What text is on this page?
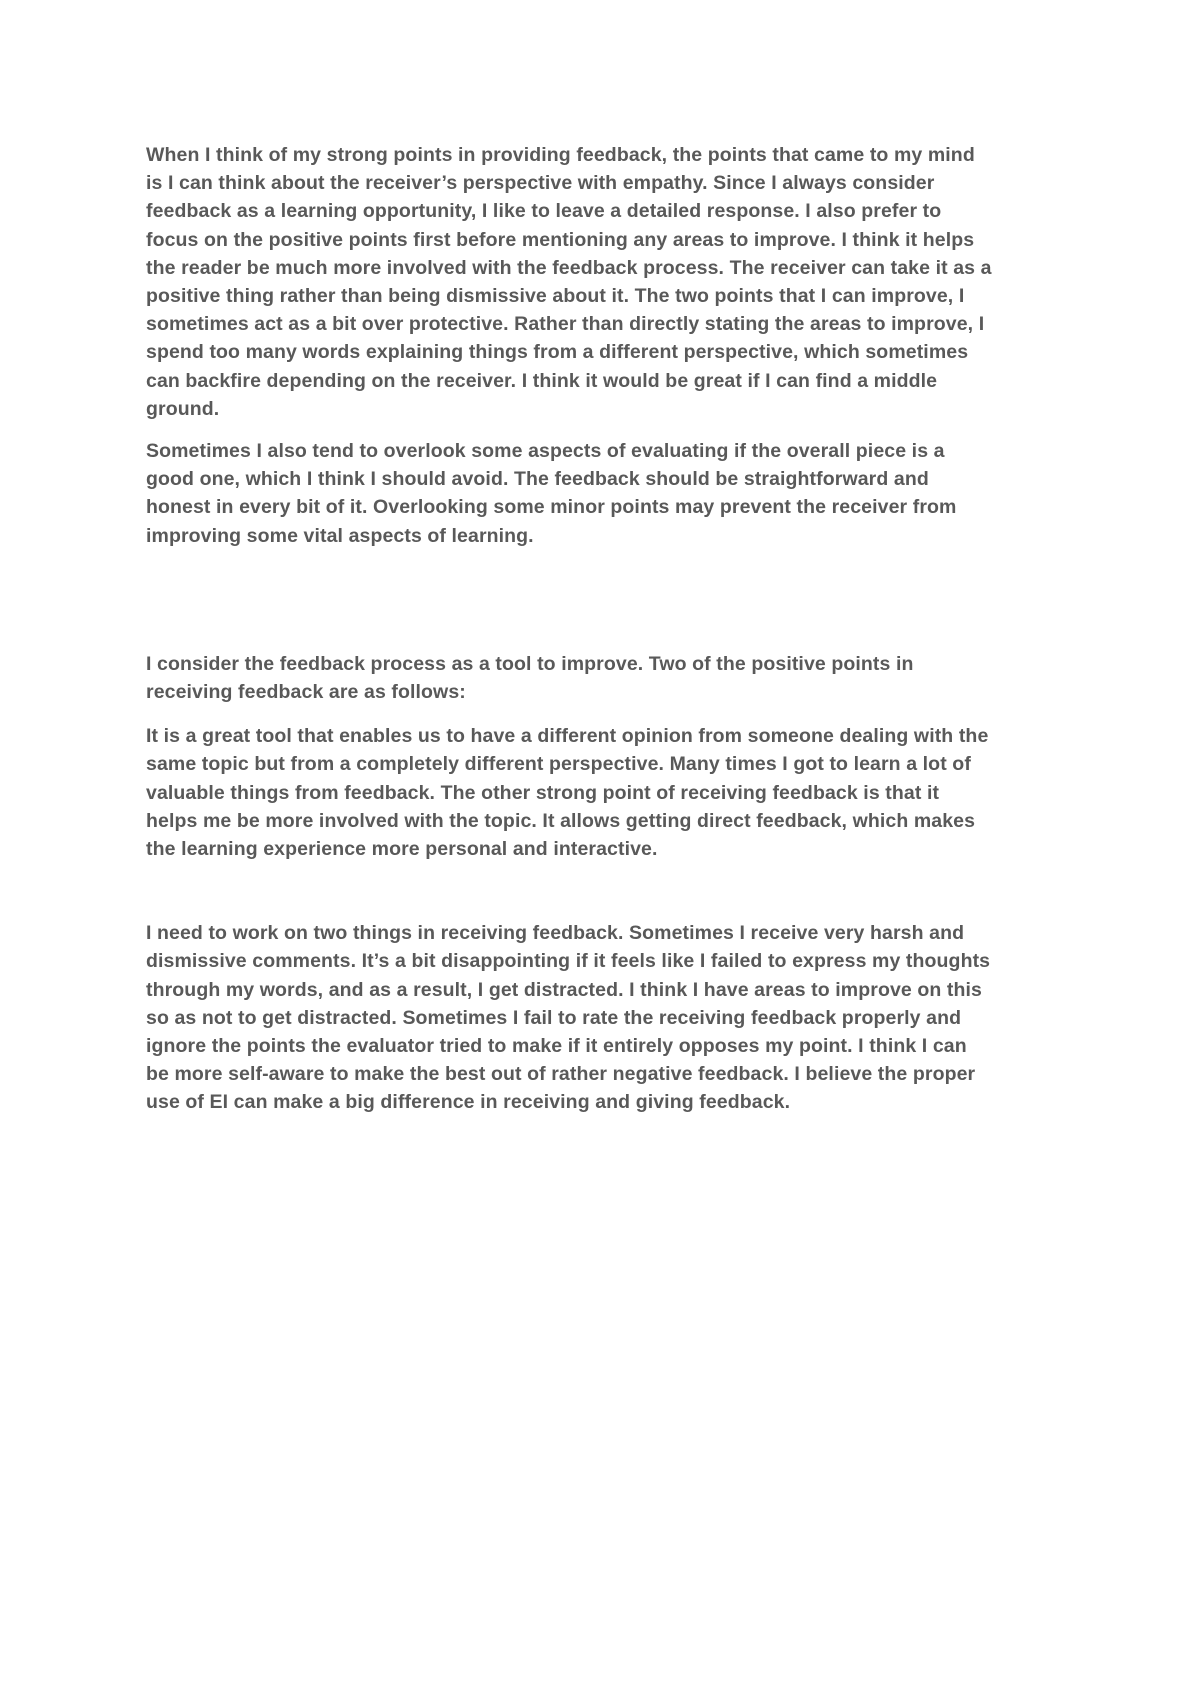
When I think of my strong points in providing feedback, the points that came to my mind
is I can think about the receiver’s perspective with empathy. Since I always consider
feedback as a learning opportunity, I like to leave a detailed response. I also prefer to
focus on the positive points first before mentioning any areas to improve. I think it helps
the reader be much more involved with the feedback process. The receiver can take it as a
positive thing rather than being dismissive about it. The two points that I can improve, I
sometimes act as a bit over protective. Rather than directly stating the areas to improve, I
spend too many words explaining things from a different perspective, which sometimes
can backfire depending on the receiver. I think it would be great if I can find a middle
ground.

Sometimes I also tend to overlook some aspects of evaluating if the overall piece is a
good one, which I think I should avoid. The feedback should be straightforward and
honest in every bit of it. Overlooking some minor points may prevent the receiver from
improving some vital aspects of learning.

I consider the feedback process as a tool to improve. Two of the positive points in
receiving feedback are as follows:

It is a great tool that enables us to have a different opinion from someone dealing with the
same topic but from a completely different perspective. Many times I got to learn a lot of
valuable things from feedback. The other strong point of receiving feedback is that it
helps me be more involved with the topic. It allows getting direct feedback, which makes
the learning experience more personal and interactive.

I need to work on two things in receiving feedback. Sometimes I receive very harsh and
dismissive comments. It’s a bit disappointing if it feels like I failed to express my thoughts
through my words, and as a result, I get distracted. I think I have areas to improve on this
so as not to get distracted. Sometimes I fail to rate the receiving feedback properly and
ignore the points the evaluator tried to make if it entirely opposes my point. I think I can
be more self-aware to make the best out of rather negative feedback. I believe the proper
use of EI can make a big difference in receiving and giving feedback.
